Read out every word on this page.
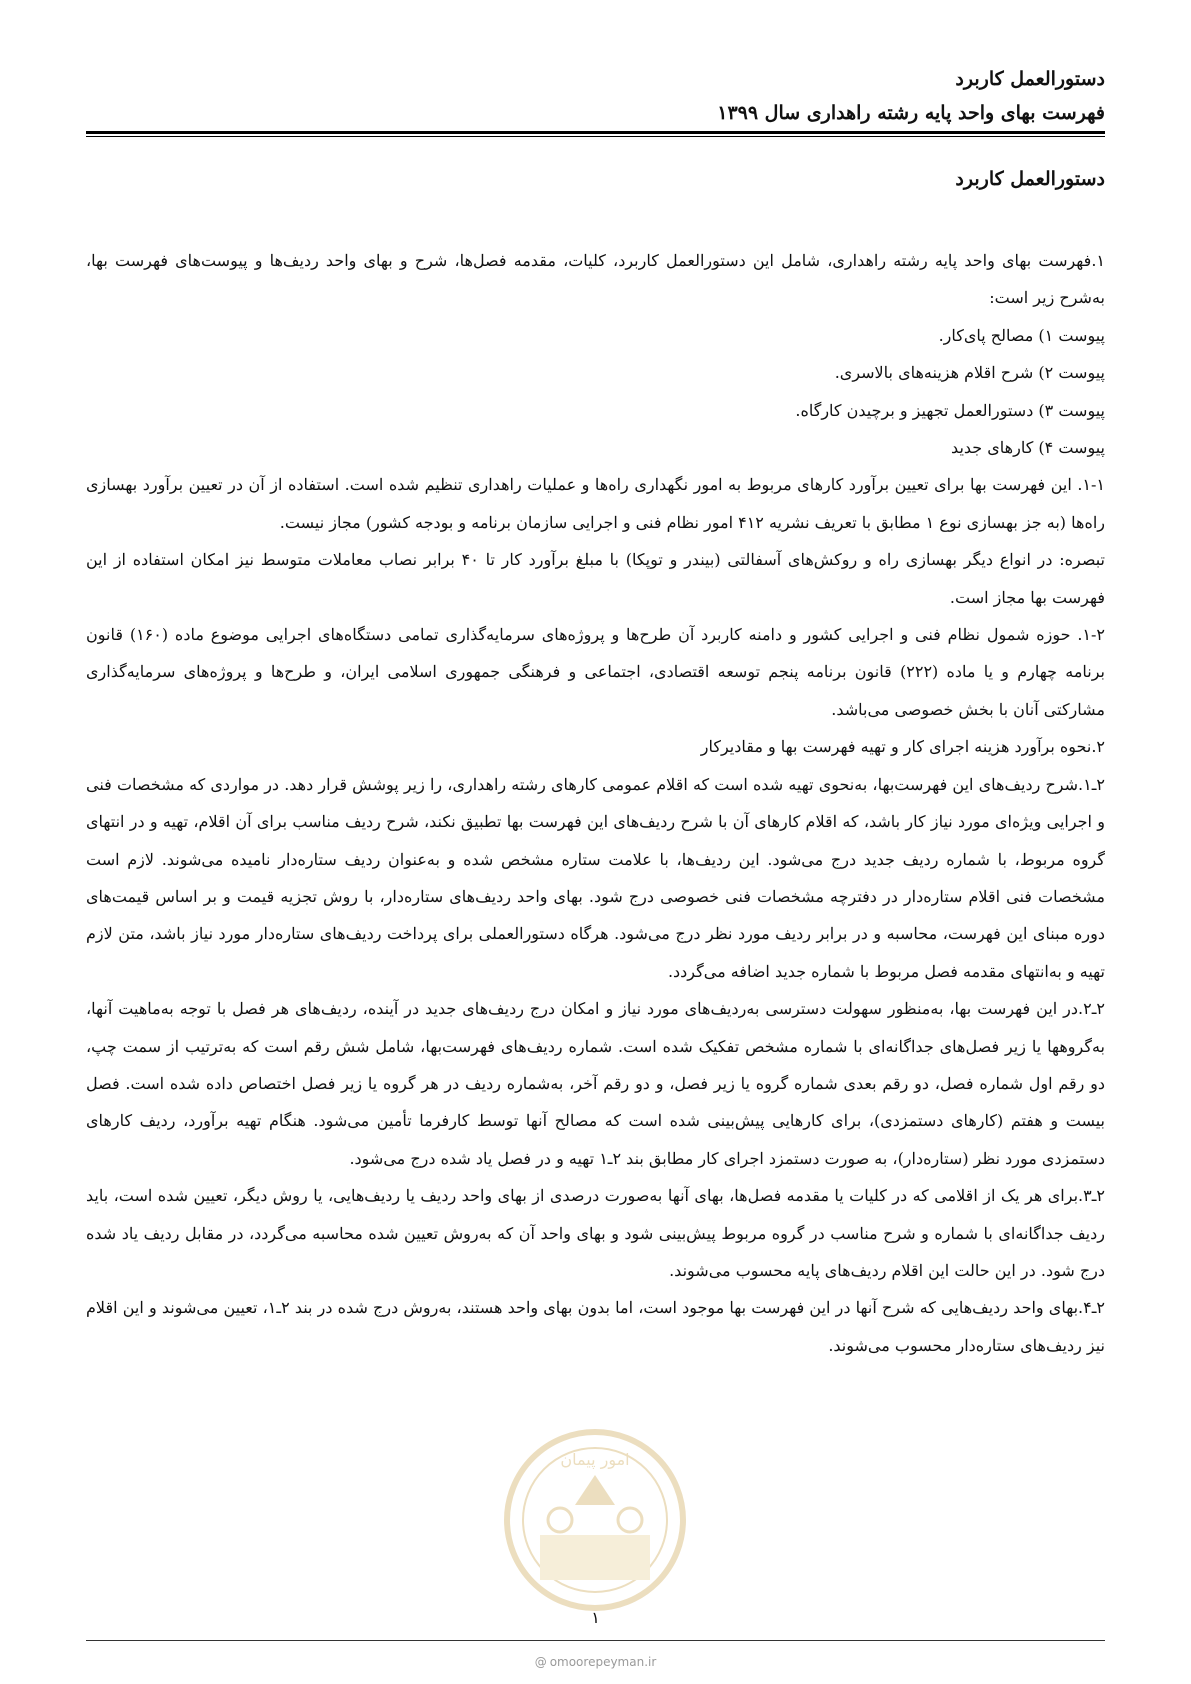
دستورالعمل کاربرد
فهرست بهای واحد پایه رشته راهداری سال ۱۳۹۹
دستورالعمل کاربرد

۱.فهرست بهای واحد پایه رشته راهداری، شامل این دستورالعمل کاربرد، کلیات، مقدمه فصل‌ها، شرح و بهای واحد ردیف‌ها و پیوست‌های فهرست بها، به‌شرح زیر است:

پیوست ۱) مصالح پای‌کار.

پیوست ۲) شرح اقلام هزینه‌های بالاسری.

پیوست ۳) دستورالعمل تجهیز و برچیدن کارگاه.

پیوست ۴) کارهای جدید

۱-۱. این فهرست بها برای تعیین برآورد کارهای مربوط به امور نگهداری راه‌ها و عملیات راهداری تنظیم شده است. استفاده از آن در تعیین برآورد بهسازی راه‌ها (به جز بهسازی نوع ۱ مطابق با تعریف نشریه ۴۱۲ امور نظام فنی و اجرایی سازمان برنامه و بودجه کشور) مجاز نیست.

تبصره: در انواع دیگر بهسازی راه و روکش‌های آسفالتی (بیندر و توپکا) با مبلغ برآورد کار تا ۴۰ برابر نصاب معاملات متوسط نیز امکان استفاده از این فهرست بها مجاز است.

۱-۲. حوزه شمول نظام فنی و اجرایی کشور و دامنه کاربرد آن طرح‌ها و پروژه‌های سرمایه‌گذاری تمامی دستگاه‌های اجرایی موضوع ماده (۱۶۰) قانون برنامه چهارم و یا ماده (۲۲۲) قانون برنامه پنجم توسعه اقتصادی، اجتماعی و فرهنگی جمهوری اسلامی ایران، و طرح‌ها و پروژه‌های سرمایه‌گذاری مشارکتی آنان با بخش خصوصی می‌باشد.

۲.نحوه برآورد هزینه اجرای کار و تهیه فهرست بها و مقادیرکار

۲ـ۱.شرح ردیف‌های این فهرست‌بها، به‌نحوی تهیه شده است که اقلام عمومی کارهای رشته راهداری، را زیر پوشش قرار دهد. در مواردی که مشخصات فنی و اجرایی ویژه‌ای مورد نیاز کار باشد، که اقلام کارهای آن با شرح ردیف‌های این فهرست بها تطبیق نکند، شرح ردیف مناسب برای آن اقلام، تهیه و در انتهای گروه مربوط، با شماره ردیف جدید درج می‌شود. این ردیف‌ها، با علامت ستاره مشخص شده و به‌عنوان ردیف ستاره‌دار نامیده می‌شوند. لازم است مشخصات فنی اقلام ستاره‌دار در دفترچه مشخصات فنی خصوصی درج شود. بهای واحد ردیف‌های ستاره‌دار، با روش تجزیه قیمت و بر اساس قیمت‌های دوره مبنای این فهرست، محاسبه و در برابر ردیف مورد نظر درج می‌شود. هرگاه دستورالعملی برای پرداخت ردیف‌های ستاره‌دار مورد نیاز باشد، متن لازم تهیه و به‌انتهای مقدمه فصل مربوط با شماره جدید اضافه می‌گردد.

۲ـ۲.در این فهرست بها، به‌منظور سهولت دسترسی به‌ردیف‌های مورد نیاز و امکان درج ردیف‌های جدید در آینده، ردیف‌های هر فصل با توجه به‌ماهیت آنها، به‌گروهها یا زیر فصل‌های جداگانه‌ای با شماره مشخص تفکیک شده است. شماره ردیف‌های فهرست‌بها، شامل شش رقم است که به‌ترتیب از سمت چپ، دو رقم اول شماره فصل، دو رقم بعدی شماره گروه یا زیر فصل، و دو رقم آخر، به‌شماره ردیف در هر گروه یا زیر فصل اختصاص داده شده است. فصل بیست و هفتم (کارهای دستمزدی)، برای کارهایی پیش‌بینی شده است که مصالح آنها توسط کارفرما تأمین می‌شود. هنگام تهیه برآورد، ردیف کارهای دستمزدی مورد نظر (ستاره‌دار)، به صورت دستمزد اجرای کار مطابق بند ۲ـ۱ تهیه و در فصل یاد شده درج می‌شود.

۲ـ۳.برای هر یک از اقلامی که در کلیات یا مقدمه فصل‌ها، بهای آنها به‌صورت درصدی از بهای واحد ردیف یا ردیف‌هایی، یا روش دیگر، تعیین شده است، باید ردیف جداگانه‌ای با شماره و شرح مناسب در گروه مربوط پیش‌بینی شود و بهای واحد آن که به‌روش تعیین شده محاسبه می‌گردد، در مقابل ردیف یاد شده درج شود. در این حالت این اقلام ردیف‌های پایه محسوب می‌شوند.

۲ـ۴.بهای واحد ردیف‌هایی که شرح آنها در این فهرست بها موجود است، اما بدون بهای واحد هستند، به‌روش درج شده در بند ۲ـ۱، تعیین می‌شوند و این اقلام نیز ردیف‌های ستاره‌دار محسوب می‌شوند.

امور پیمان
۱
@ omoorepeyman.ir
